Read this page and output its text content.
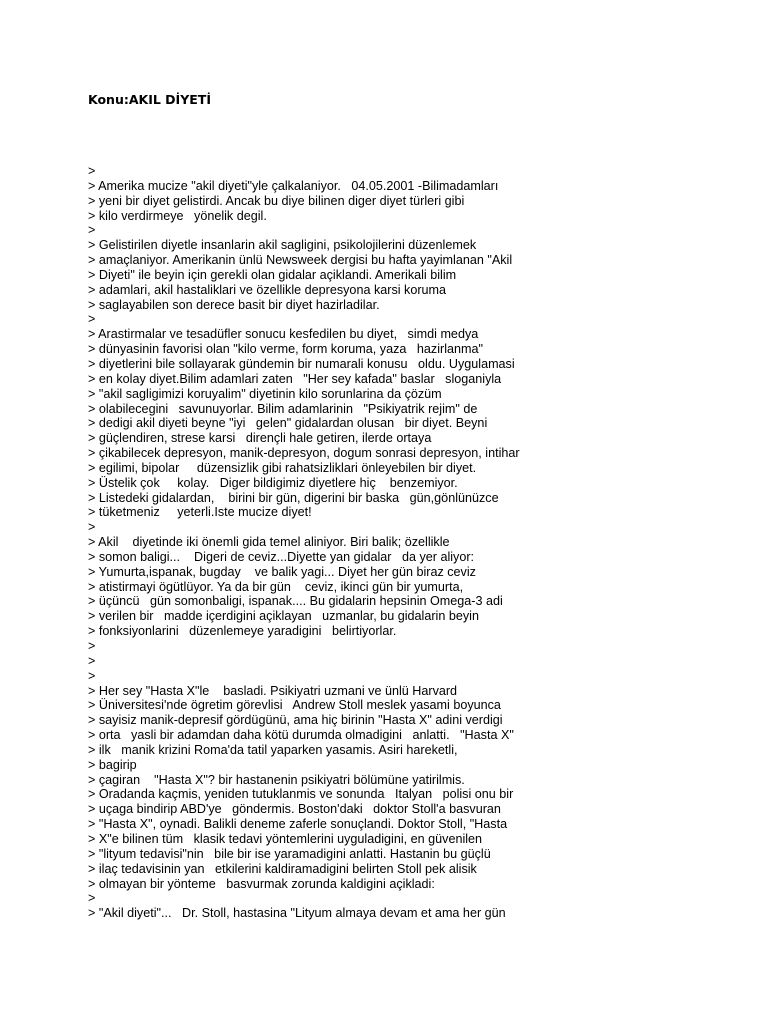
Konu:AKIL DİYETİ
>
> Amerika mucize "akil diyeti"yle çalkalaniyor.   04.05.2001 -Bilimadamları
> yeni bir diyet gelistirdi. Ancak bu diye bilinen diger diyet türleri gibi
> kilo verdirmeye   yönelik degil.
>
> Gelistirilen diyetle insanlarin akil sagligini, psikolojilerini düzenlemek
> amaçlaniyor. Amerikanin ünlü Newsweek dergisi bu hafta yayimlanan "Akil
> Diyeti" ile beyin için gerekli olan gidalar açiklandi. Amerikali bilim
> adamlari, akil hastaliklari ve özellikle depresyona karsi koruma
> saglayabilen son derece basit bir diyet hazirladilar.
>
> Arastirmalar ve tesadüfler sonucu kesfedilen bu diyet,   simdi medya
> dünyasinin favorisi olan "kilo verme, form koruma, yaza   hazirlanma"
> diyetlerini bile sollayarak gündemin bir numarali konusu   oldu. Uygulamasi
> en kolay diyet.Bilim adamlari zaten   "Her sey kafada" baslar   sloganiyla
> "akil sagligimizi koruyalim" diyetinin kilo sorunlarina da çözüm
> olabilecegini   savunuyorlar. Bilim adamlarinin   "Psikiyatrik rejim" de
> dedigi akil diyeti beyne "iyi   gelen" gidalardan olusan   bir diyet. Beyni
> güçlendiren, strese karsi   dirençli hale getiren, ilerde ortaya
> çikabilecek depresyon, manik-depresyon, dogum sonrasi depresyon, intihar
> egilimi, bipolar     düzensizlik gibi rahatsizliklari önleyebilen bir diyet.
> Üstelik çok     kolay.   Diger bildigimiz diyetlere hiç    benzemiyor.
> Listedeki gidalardan,    birini bir gün, digerini bir baska   gün,gönlünüzce
> tüketmeniz     yeterli.Iste mucize diyet!
>
> Akil    diyetinde iki önemli gida temel aliniyor. Biri balik; özellikle
> somon baligi...    Digeri de ceviz...Diyette yan gidalar   da yer aliyor:
> Yumurta,ispanak, bugday    ve balik yagi... Diyet her gün biraz ceviz
> atistirmayi ögütlüyor. Ya da bir gün    ceviz, ikinci gün bir yumurta,
> üçüncü   gün somonbaligi, ispanak.... Bu gidalarin hepsinin Omega-3 adi
> verilen bir   madde içerdigini açiklayan   uzmanlar, bu gidalarin beyin
> fonksiyonlarini   düzenlemeye yaradigini   belirtiyorlar.
>
>
>
> Her sey "Hasta X"le    basladi. Psikiyatri uzmani ve ünlü Harvard
> Üniversitesi'nde ögretim görevlisi   Andrew Stoll meslek yasami boyunca
> sayisiz manik-depresif gördügünü, ama hiç birinin "Hasta X" adini verdigi
> orta   yasli bir adamdan daha kötü durumda olmadigini   anlatti.   "Hasta X"
> ilk   manik krizini Roma'da tatil yaparken yasamis. Asiri hareketli,
> bagirip
> çagiran    "Hasta X"? bir hastanenin psikiyatri bölümüne yatirilmis.
> Oradanda kaçmis, yeniden tutuklanmis ve sonunda   Italyan   polisi onu bir
> uçaga bindirip ABD'ye   göndermis. Boston'daki   doktor Stoll'a basvuran
> "Hasta X", oynadi. Balikli deneme zaferle sonuçlandi. Doktor Stoll, "Hasta
> X"e bilinen tüm   klasik tedavi yöntemlerini uyguladigini, en güvenilen
> "lityum tedavisi"nin   bile bir ise yaramadigini anlatti. Hastanin bu güçlü
> ilaç tedavisinin yan   etkilerini kaldiramadigini belirten Stoll pek alisik
> olmayan bir yönteme   basvurmak zorunda kaldigini açikladi:
>
> "Akil diyeti"...   Dr. Stoll, hastasina "Lityum almaya devam et ama her gün
